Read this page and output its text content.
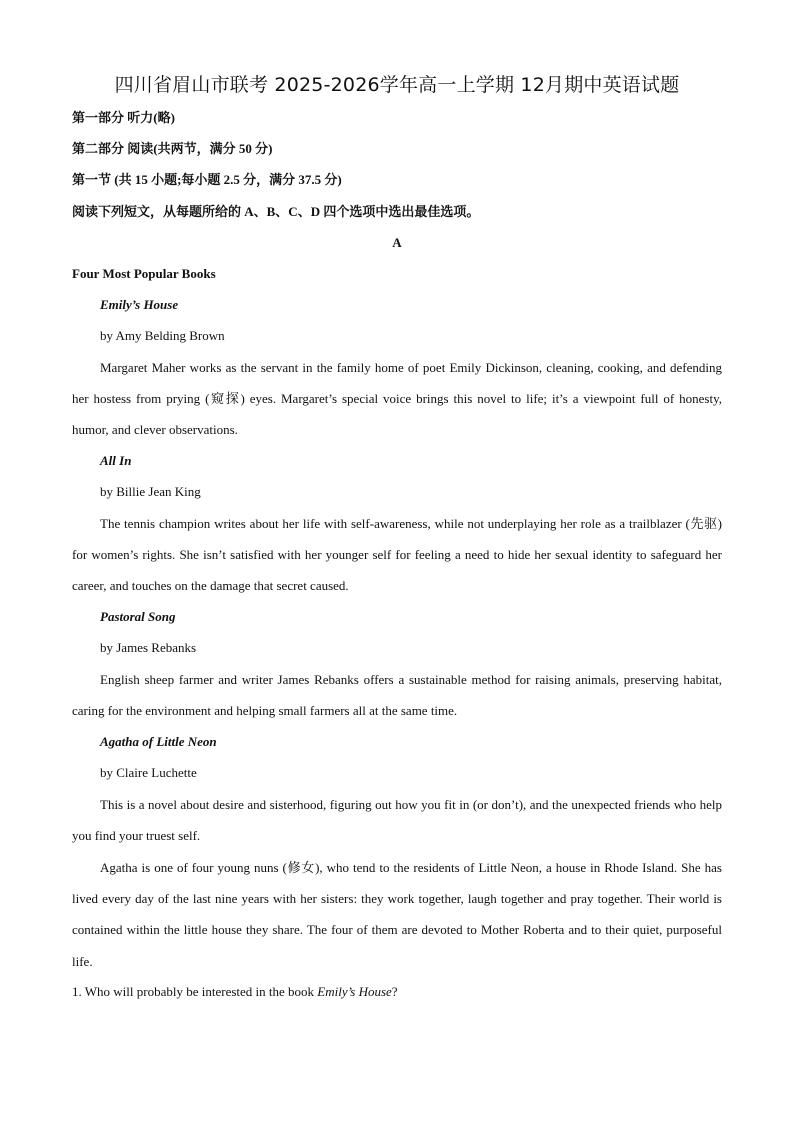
四川省眉山市联考 2025-2026学年高一上学期 12月期中英语试题
第一部分 听力(略)
第二部分 阅读(共两节，满分 50 分)
第一节 (共 15 小题;每小题 2.5 分，满分 37.5 分)
阅读下列短文，从每题所给的 A、B、C、D 四个选项中选出最佳选项。
A
Four Most Popular Books
Emily’s House
by Amy Belding Brown
Margaret Maher works as the servant in the family home of poet Emily Dickinson, cleaning, cooking, and defending her hostess from prying (窥探) eyes. Margaret’s special voice brings this novel to life; it’s a viewpoint full of honesty, humor, and clever observations.
All In
by Billie Jean King
The tennis champion writes about her life with self-awareness, while not underplaying her role as a trailblazer (先驱) for women’s rights. She isn’t satisfied with her younger self for feeling a need to hide her sexual identity to safeguard her career, and touches on the damage that secret caused.
Pastoral Song
by James Rebanks
English sheep farmer and writer James Rebanks offers a sustainable method for raising animals, preserving habitat, caring for the environment and helping small farmers all at the same time.
Agatha of Little Neon
by Claire Luchette
This is a novel about desire and sisterhood, figuring out how you fit in (or don’t), and the unexpected friends who help you find your truest self.
Agatha is one of four young nuns (修女), who tend to the residents of Little Neon, a house in Rhode Island. She has lived every day of the last nine years with her sisters: they work together, laugh together and pray together. Their world is contained within the little house they share. The four of them are devoted to Mother Roberta and to their quiet, purposeful life.
1. Who will probably be interested in the book Emily’s House?
